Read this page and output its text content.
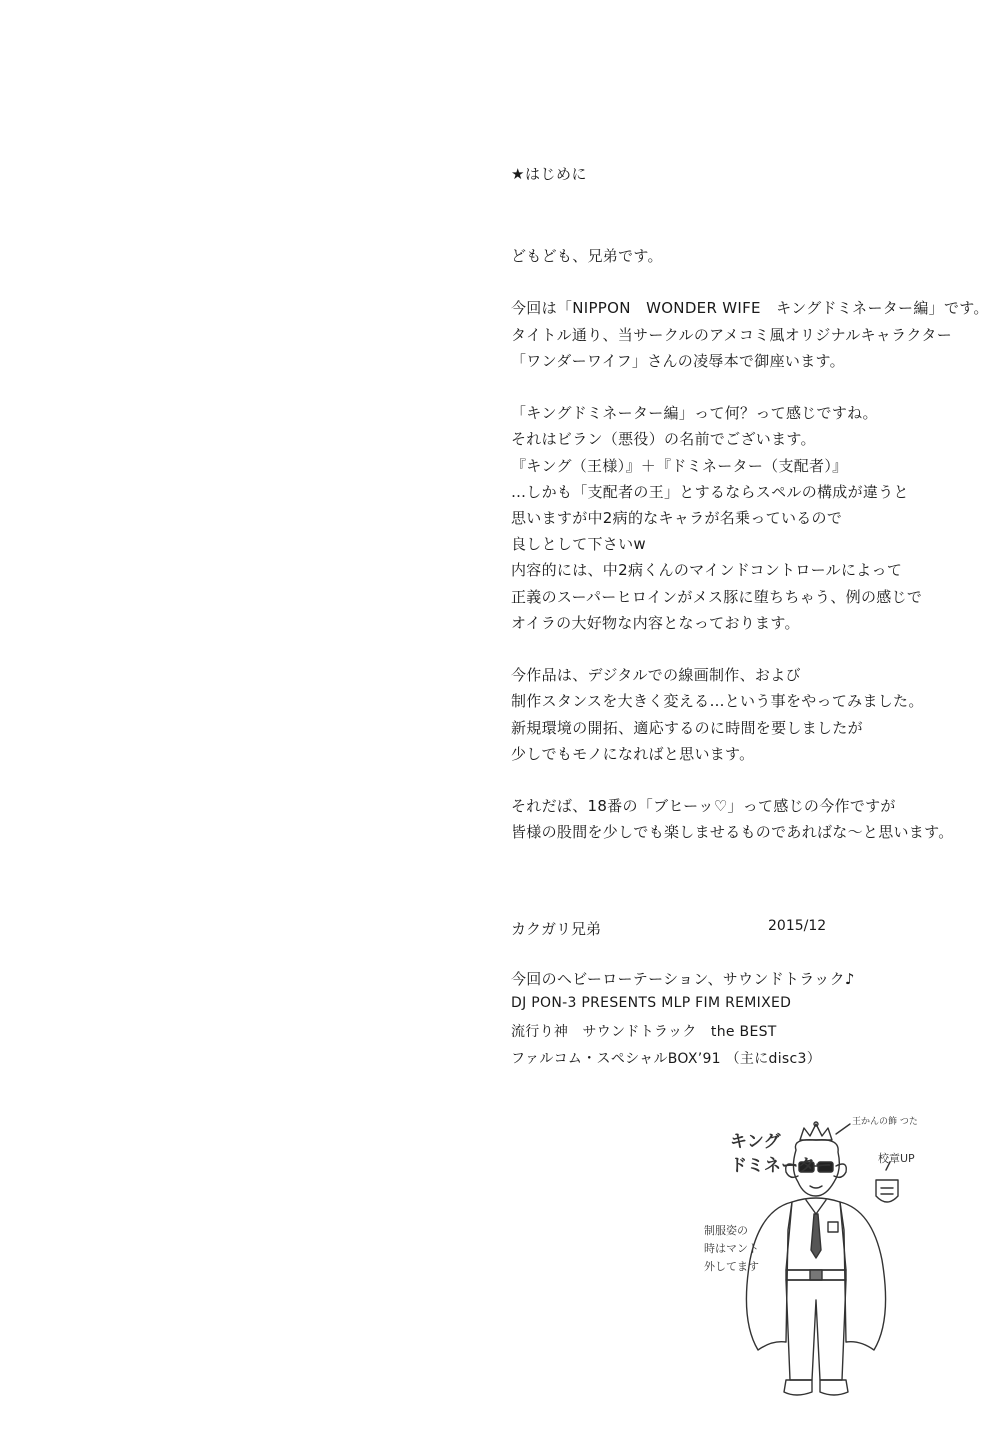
★はじめに
どもども、兄弟です。
今回は「NIPPON　WONDER WIFE　キングドミネーター編」です。
タイトル通り、当サークルのアメコミ風オリジナルキャラクター
「ワンダーワイフ」さんの凌辱本で御座います。
「キングドミネーター編」って何？って感じですね。
それはビラン（悪役）の名前でございます。
『キング（王様）』＋『ドミネーター（支配者）』
…しかも「支配者の王」とするならスペルの構成が違うと
思いますが中2病的なキャラが名乗っているので
良しとして下さいw
内容的には、中2病くんのマインドコントロールによって
正義のスーパーヒロインがメス豚に堕ちちゃう、例の感じで
オイラの大好物な内容となっております。
今作品は、デジタルでの線画制作、および
制作スタンスを大きく変える…という事をやってみました。
新規環境の開拓、適応するのに時間を要しましたが
少しでもモノになればと思います。
それだば、18番の「ブヒーッ♡」って感じの今作ですが
皆様の股間を少しでも楽しませるものであればな～と思います。
カクガリ兄弟	2015/12
今回のヘビーローテーション、サウンドトラック♪
DJ PON-3 PRESENTS MLP FIM REMIXED
流行り神　サウンドトラック　the BEST
ファルコム・スペシャルBOX’91 （主にdisc3）
キング
ドミネーター
王かんの飾 つた
校章UP
制服姿の
時はマント
外してます
